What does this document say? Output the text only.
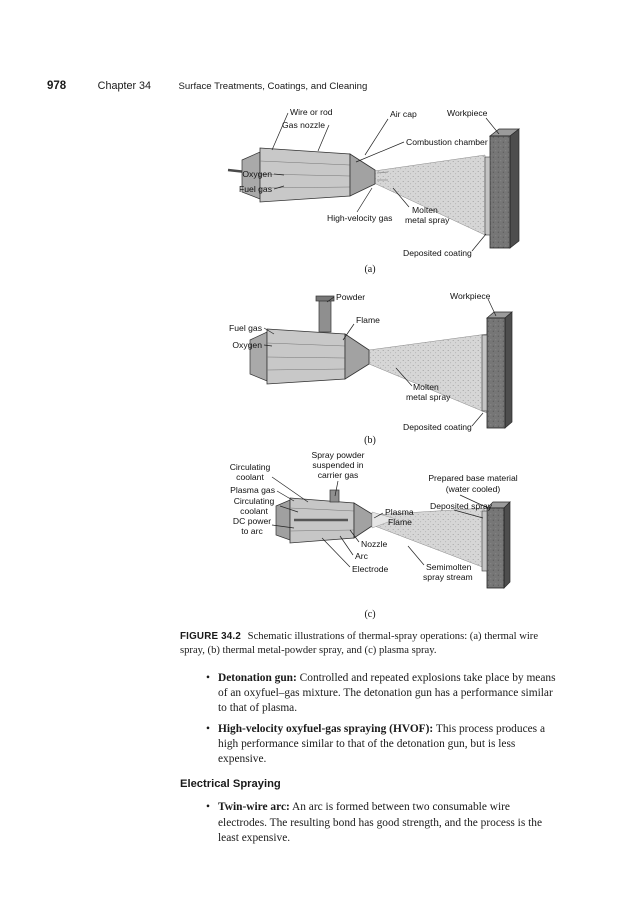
978	Chapter 34	Surface Treatments, Coatings, and Cleaning
Wire or rod
Gas nozzle
Air cap	Workpiece
Combustion chamber
Oxygen
Fuel gas
High-velocity gas
Molten
metal spray
Deposited coating
(a)
Powder	Workpiece
Flame
Fuel gas
Oxygen
Molten
metal spray
Deposited coating
(b)
Spray powder
suspended in
carrier gas
Circulating
coolant	Prepared base material
(water cooled)
Plasma gas
Circulating
coolant
DC power
to arc
Deposited spray
Plasma
Flame
Nozzle
Arc
Electrode	Semimolten
spray stream
(c)

FIGURE 34.2 Schematic illustrations of thermal-spray operations: (a) thermal wire spray, (b) thermal metal-powder spray, and (c) plasma spray.

• Detonation gun: Controlled and repeated explosions take place by means of an oxyfuel–gas mixture. The detonation gun has a performance similar to that of plasma.
• High-velocity oxyfuel-gas spraying (HVOF): This process produces a high performance similar to that of the detonation gun, but is less expensive.
Electrical Spraying
• Twin-wire arc: An arc is formed between two consumable wire electrodes. The resulting bond has good strength, and the process is the least expensive.
